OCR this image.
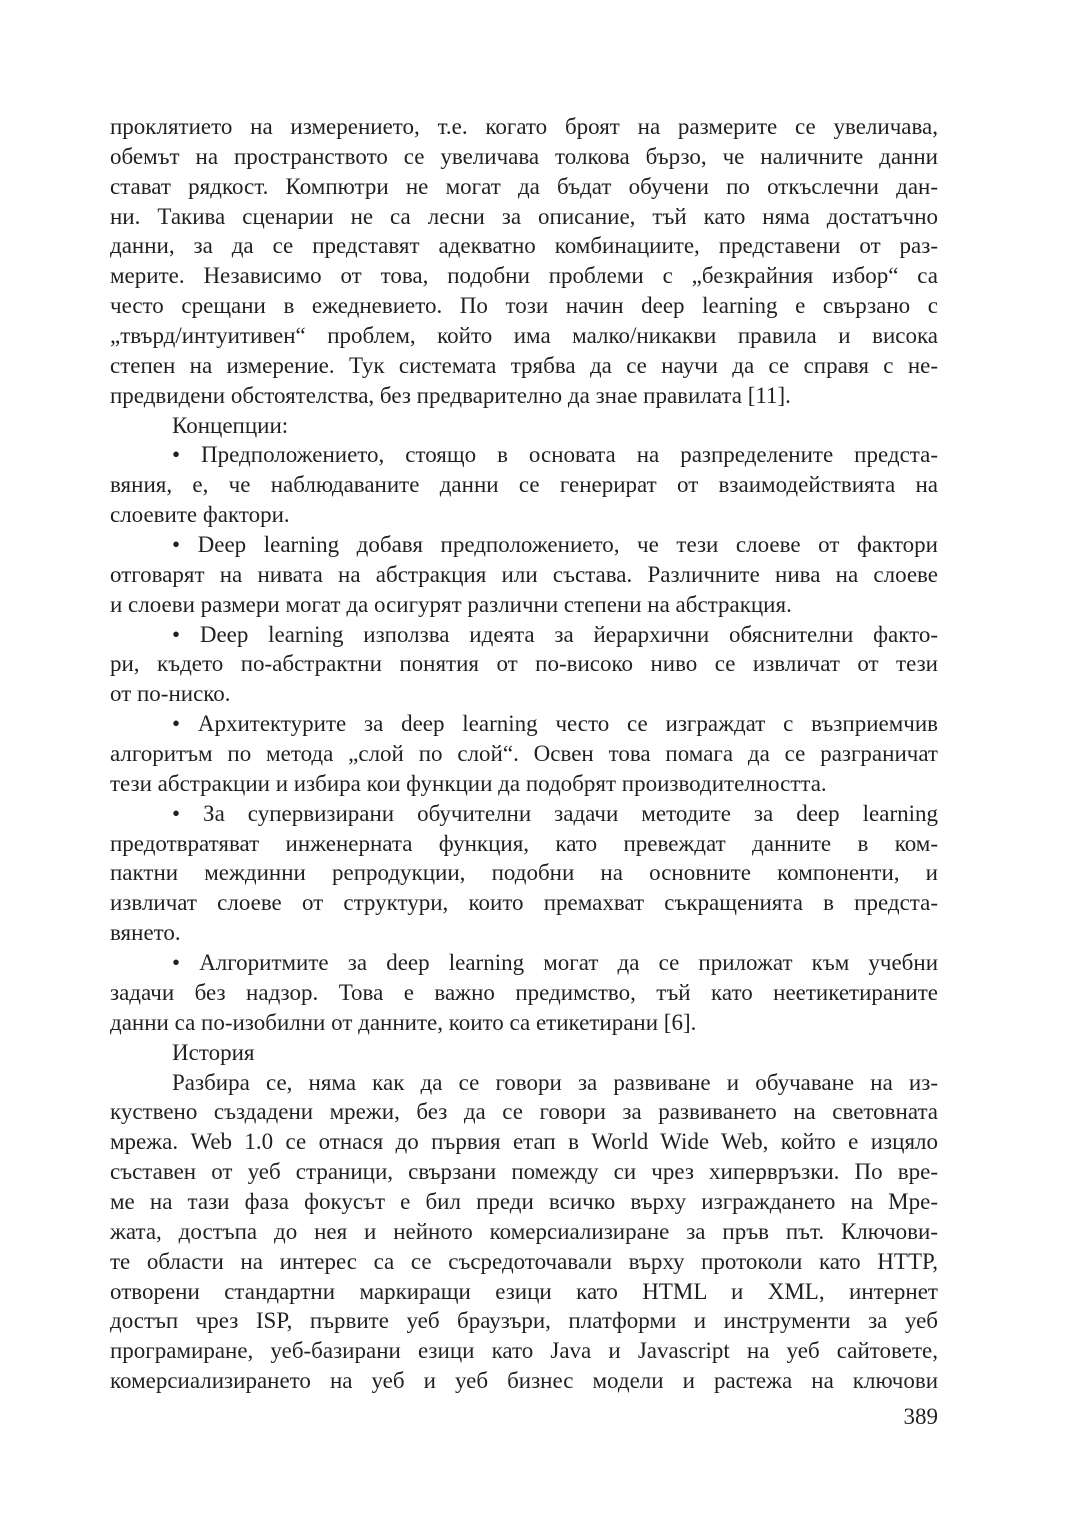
проклятието на измерението, т.е. когато броят на размерите се увеличава,
обемът на пространството се увеличава толкова бързо, че наличните данни
стават рядкост. Компютри не могат да бъдат обучени по откъслечни дан-
ни. Такива сценарии не са лесни за описание, тъй като няма достатъчно
данни, за да се представят адекватно комбинациите, представени от раз-
мерите. Независимо от това, подобни проблеми с „безкрайния избор“ са
често срещани в ежедневието. По този начин deep learning е свързано с
„твърд/интуитивен“ проблем, който има малко/никакви правила и висока
степен на измерение. Тук системата трябва да се научи да се справя с не-
предвидени обстоятелства, без предварително да знае правилата [11].
Концепции:
• Предположението, стоящо в основата на разпределените предста-
вяния, е, че наблюдаваните данни се генерират от взаимодействията на
слоевите фактори.
• Deep learning добавя предположението, че тези слоеве от фактори
отговарят на нивата на абстракция или състава. Различните нива на слоеве
и слоеви размери могат да осигурят различни степени на абстракция.
• Deep learning използва идеята за йерархични обяснителни факто-
ри, където по-абстрактни понятия от по-високо ниво се извличат от тези
от по-ниско.
• Архитектурите за deep learning често се изграждат с възприемчив
алгоритъм по метода „слой по слой“. Освен това помага да се разграничат
тези абстракции и избира кои функции да подобрят производителността.
• За супервизирани обучителни задачи методите за deep learning
предотвратяват инженерната функция, като превеждат данните в ком-
пактни междинни репродукции, подобни на основните компоненти, и
извличат слоеве от структури, които премахват съкращенията в предста-
вянето.
• Алгоритмите за deep learning могат да се приложат към учебни
задачи без надзор. Това е важно предимство, тъй като неетикетираните
данни са по-изобилни от данните, които са етикетирани [6].
История
Разбира се, няма как да се говори за развиване и обучаване на из-
куствено създадени мрежи, без да се говори за развиването на световната
мрежа. Web 1.0 се отнася до първия етап в World Wide Web, който е изцяло
съставен от уеб страници, свързани помежду си чрез хипервръзки. По вре-
ме на тази фаза фокусът е бил преди всичко върху изграждането на Мре-
жата, достъпа до нея и нейното комерсиализиране за пръв път. Ключови-
те области на интерес са се съсредоточавали върху протоколи като HTTP,
отворени стандартни маркиращи езици като HTML и XML, интернет
достъп чрез ISP, първите уеб браузъри, платформи и инструменти за уеб
програмиране, уеб-базирани езици като Java и Javascript на уеб сайтовете,
комерсиализирането на уеб и уеб бизнес модели и растежа на ключови
389
